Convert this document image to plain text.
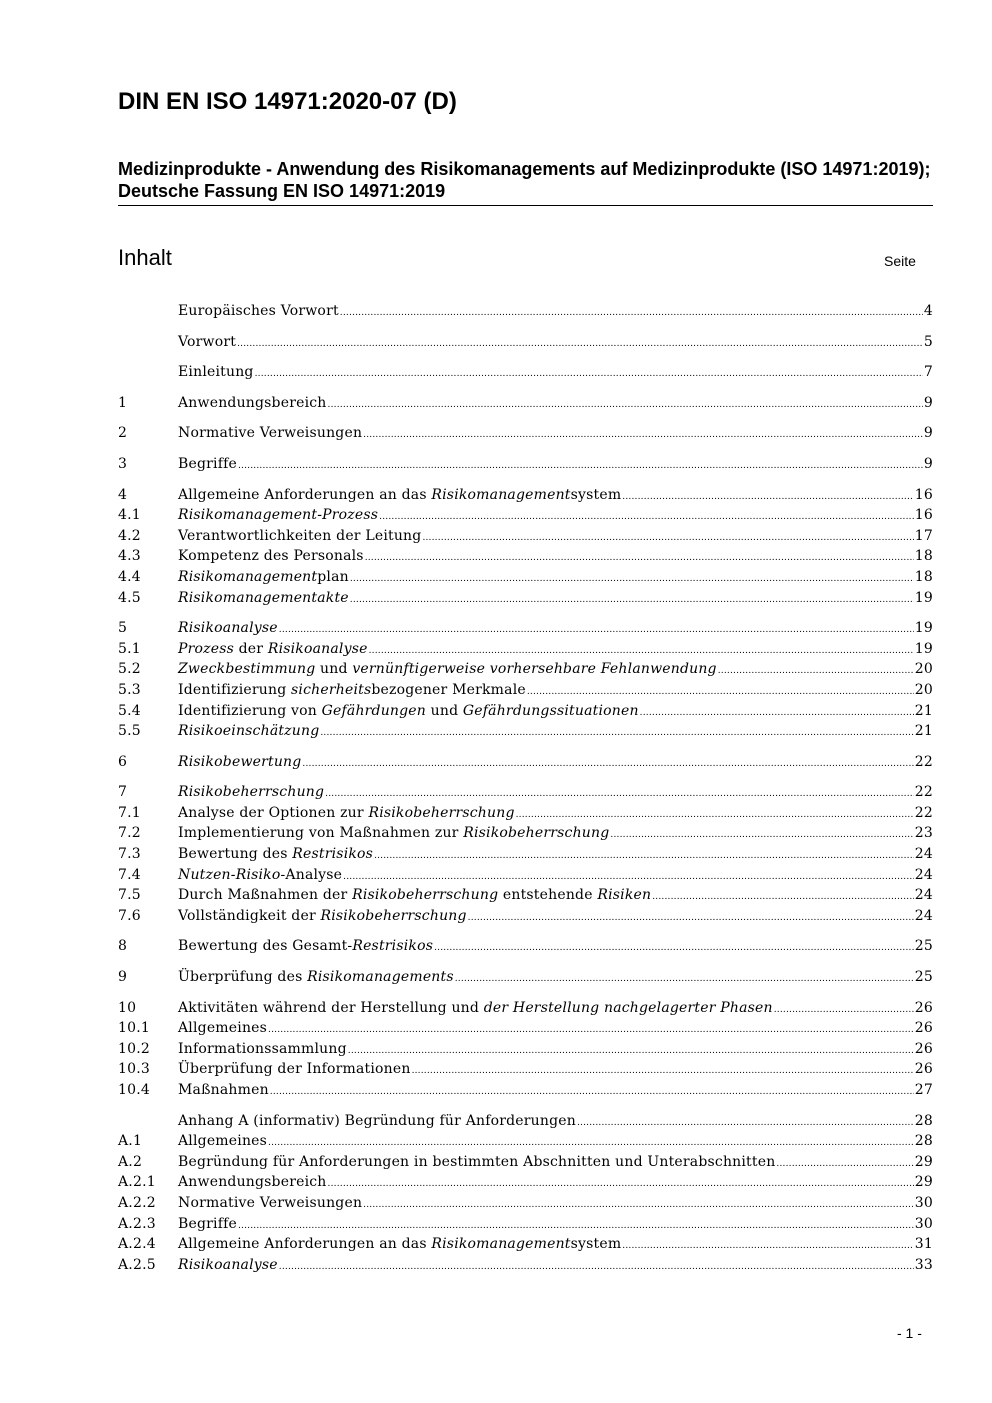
DIN EN ISO 14971:2020-07 (D)
Medizinprodukte - Anwendung des Risikomanagements auf Medizinprodukte (ISO 14971:2019); Deutsche Fassung EN ISO 14971:2019
Inhalt	Seite
Europäisches Vorwort .....	4
Vorwort .....	5
Einleitung .....	7
1	Anwendungsbereich .....	9
2	Normative Verweisungen .....	9
3	Begriffe .....	9
4	Allgemeine Anforderungen an das Risikomanagementsystem .....	16
4.1	Risikomanagement-Prozess .....	16
4.2	Verantwortlichkeiten der Leitung .....	17
4.3	Kompetenz des Personals .....	18
4.4	Risikomanagementplan .....	18
4.5	Risikomanagementakte .....	19
5	Risikoanalyse .....	19
5.1	Prozess der Risikoanalyse .....	19
5.2	Zweckbestimmung und vernünftigerweise vorhersehbare Fehlanwendung .....	20
5.3	Identifizierung sicherheitsbezogener Merkmale .....	20
5.4	Identifizierung von Gefährdungen und Gefährdungssituationen .....	21
5.5	Risikoeinschätzung .....	21
6	Risikobewertung .....	22
7	Risikobeherrschung .....	22
7.1	Analyse der Optionen zur Risikobeherrschung .....	22
7.2	Implementierung von Maßnahmen zur Risikobeherrschung .....	23
7.3	Bewertung des Restrisikos .....	24
7.4	Nutzen-Risiko-Analyse .....	24
7.5	Durch Maßnahmen der Risikobeherrschung entstehende Risiken .....	24
7.6	Vollständigkeit der Risikobeherrschung .....	24
8	Bewertung des Gesamt-Restrisikos .....	25
9	Überprüfung des Risikomanagements .....	25
10	Aktivitäten während der Herstellung und der Herstellung nachgelagerter Phasen .....	26
10.1	Allgemeines .....	26
10.2	Informationssammlung .....	26
10.3	Überprüfung der Informationen .....	26
10.4	Maßnahmen .....	27
Anhang A (informativ) Begründung für Anforderungen .....	28
A.1	Allgemeines .....	28
A.2	Begründung für Anforderungen in bestimmten Abschnitten und Unterabschnitten .....	29
A.2.1	Anwendungsbereich .....	29
A.2.2	Normative Verweisungen .....	30
A.2.3	Begriffe .....	30
A.2.4	Allgemeine Anforderungen an das Risikomanagementsystem .....	31
A.2.5	Risikoanalyse .....	33
- 1 -
